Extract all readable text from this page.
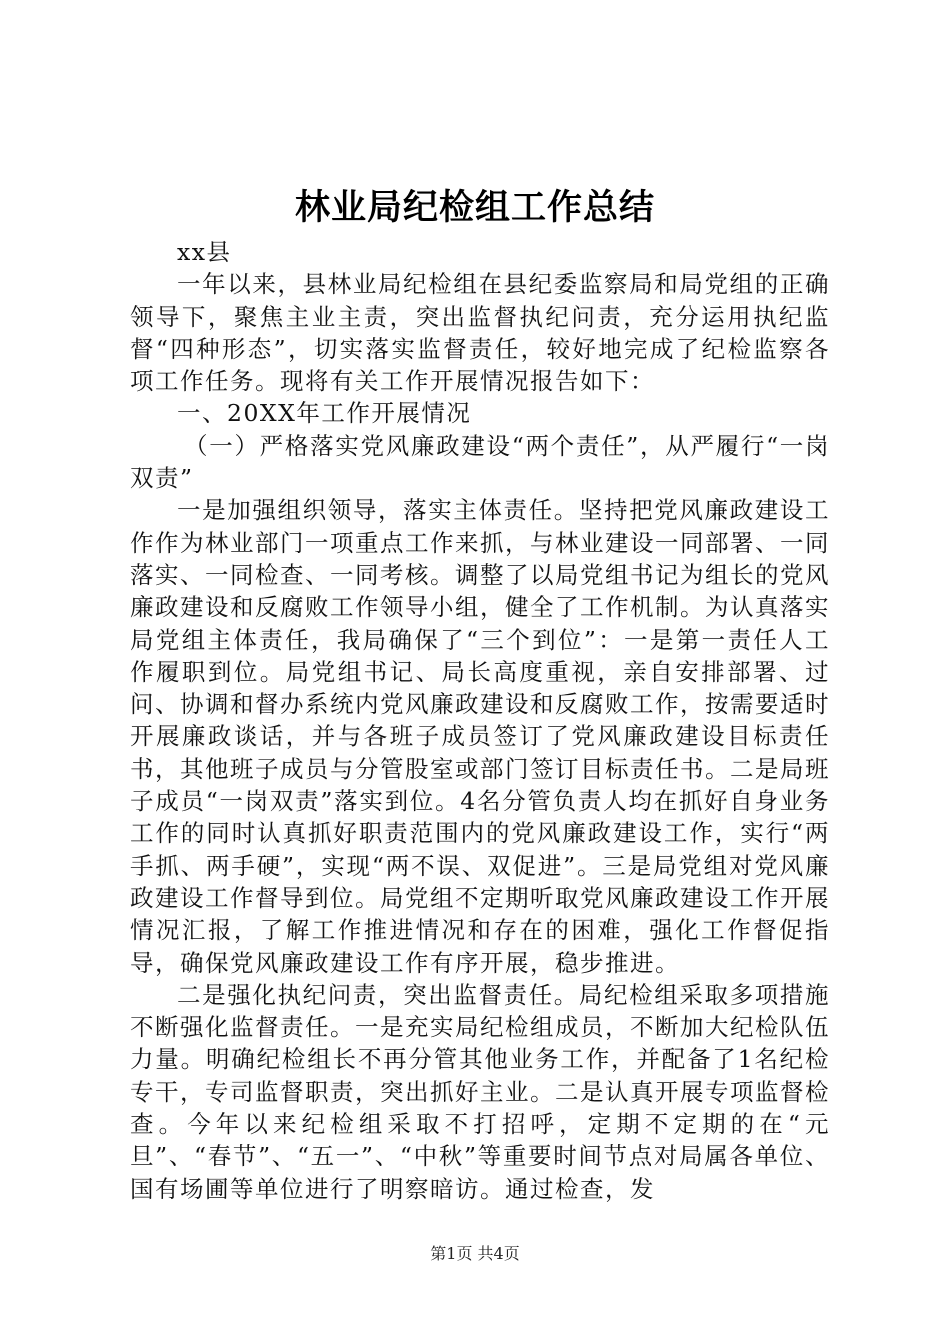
林业局纪检组工作总结

xx县

一年以来，县林业局纪检组在县纪委监察局和局党组的正确领导下，聚焦主业主责，突出监督执纪问责，充分运用执纪监督“四种形态”，切实落实监督责任，较好地完成了纪检监察各项工作任务。现将有关工作开展情况报告如下：

一、20XX年工作开展情况

（一）严格落实党风廉政建设“两个责任”，从严履行“一岗双责”

一是加强组织领导，落实主体责任。坚持把党风廉政建设工作作为林业部门一项重点工作来抓，与林业建设一同部署、一同落实、一同检查、一同考核。调整了以局党组书记为组长的党风廉政建设和反腐败工作领导小组，健全了工作机制。为认真落实局党组主体责任，我局确保了“三个到位”：一是第一责任人工作履职到位。局党组书记、局长高度重视，亲自安排部署、过问、协调和督办系统内党风廉政建设和反腐败工作，按需要适时开展廉政谈话，并与各班子成员签订了党风廉政建设目标责任书，其他班子成员与分管股室或部门签订目标责任书。二是局班子成员“一岗双责”落实到位。4名分管负责人均在抓好自身业务工作的同时认真抓好职责范围内的党风廉政建设工作，实行“两手抓、两手硬”，实现“两不误、双促进”。三是局党组对党风廉政建设工作督导到位。局党组不定期听取党风廉政建设工作开展情况汇报，了解工作推进情况和存在的困难，强化工作督促指导，确保党风廉政建设工作有序开展，稳步推进。

二是强化执纪问责，突出监督责任。局纪检组采取多项措施不断强化监督责任。一是充实局纪检组成员，不断加大纪检队伍力量。明确纪检组长不再分管其他业务工作，并配备了1名纪检专干，专司监督职责，突出抓好主业。二是认真开展专项监督检查。今年以来纪检组采取不打招呼，定期不定期的在“元旦”、“春节”、“五一”、“中秋”等重要时间节点对局属各单位、国有场圃等单位进行了明察暗访。通过检查，发

第1页 共4页
